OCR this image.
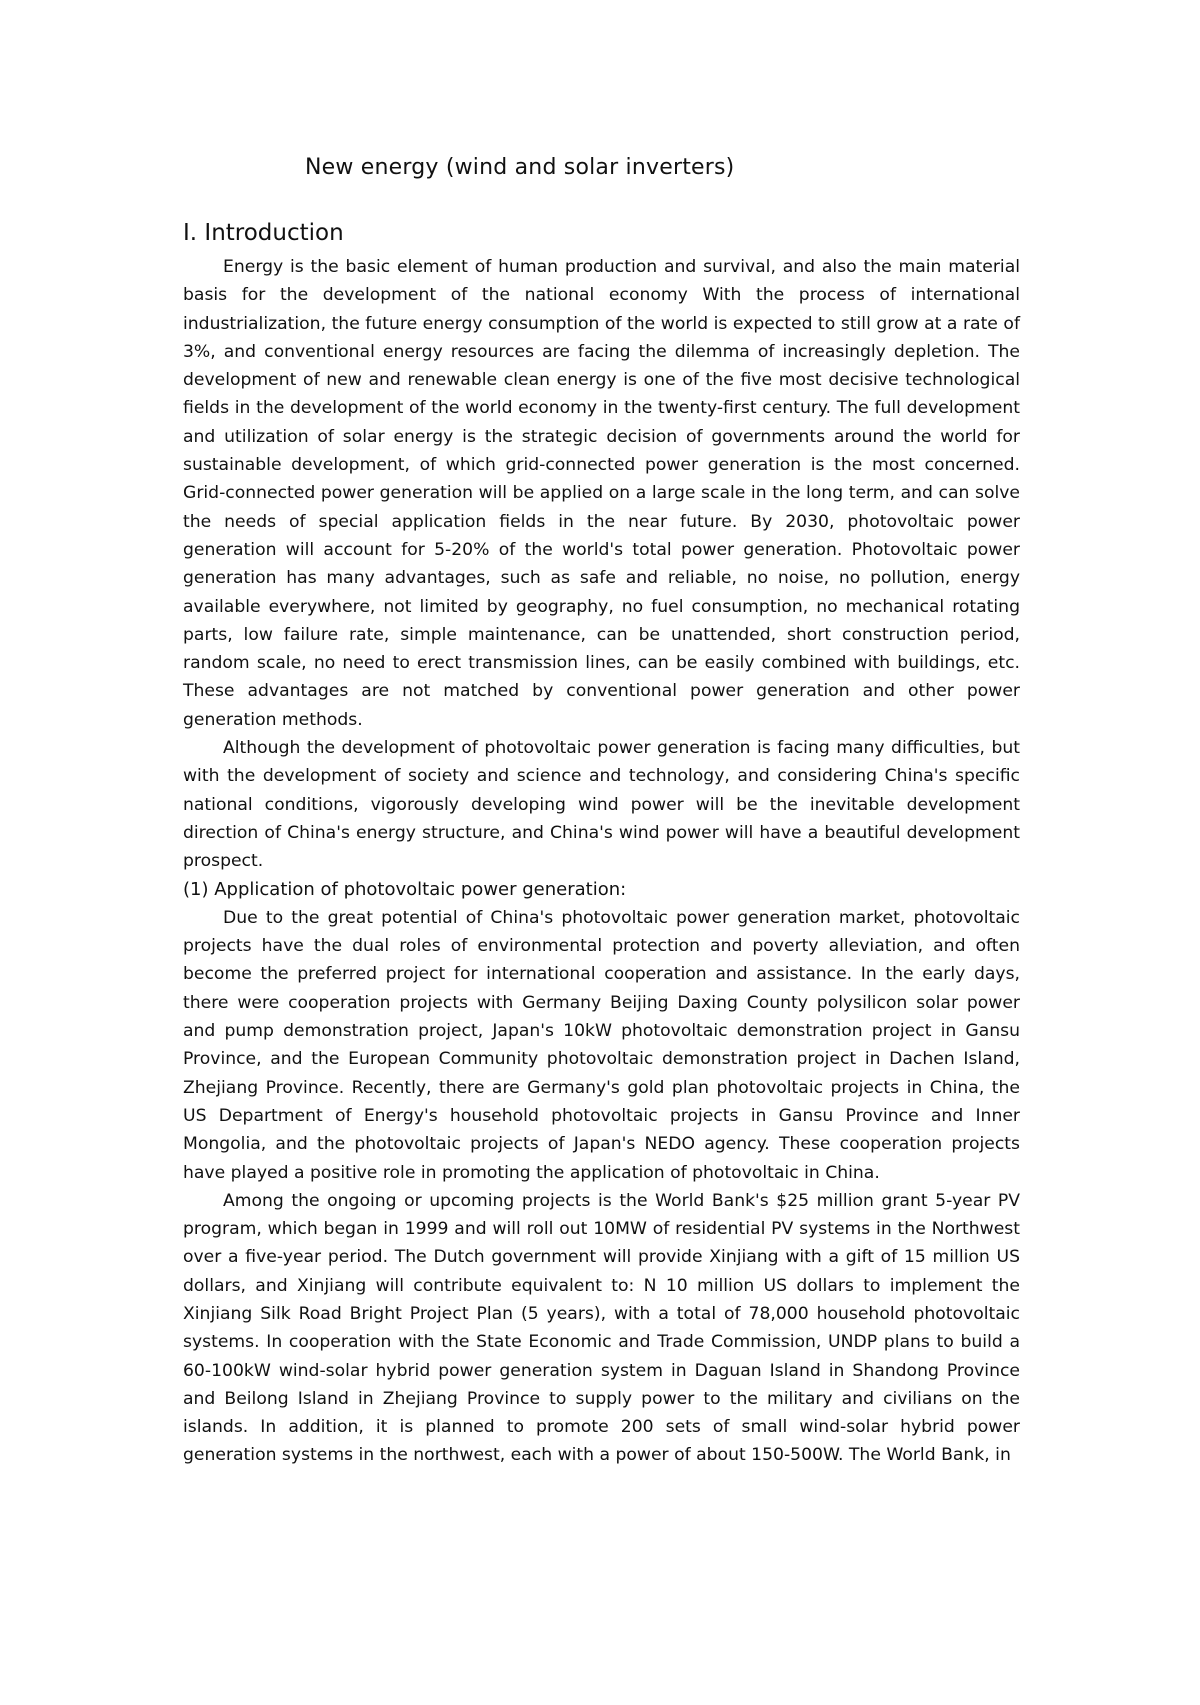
New energy (wind and solar inverters)
I. Introduction

Energy is the basic element of human production and survival, and also the main material basis for the development of the national economy With the process of international industrialization, the future energy consumption of the world is expected to still grow at a rate of 3%, and conventional energy resources are facing the dilemma of increasingly depletion. The development of new and renewable clean energy is one of the five most decisive technological fields in the development of the world economy in the twenty-first century. The full development and utilization of solar energy is the strategic decision of governments around the world for sustainable development, of which grid-connected power generation is the most concerned. Grid-connected power generation will be applied on a large scale in the long term, and can solve the needs of special application fields in the near future. By 2030, photovoltaic power generation will account for 5-20% of the world's total power generation. Photovoltaic power generation has many advantages, such as safe and reliable, no noise, no pollution, energy available everywhere, not limited by geography, no fuel consumption, no mechanical rotating parts, low failure rate, simple maintenance, can be unattended, short construction period, random scale, no need to erect transmission lines, can be easily combined with buildings, etc. These advantages are not matched by conventional power generation and other power generation methods.

Although the development of photovoltaic power generation is facing many difficulties, but with the development of society and science and technology, and considering China's specific national conditions, vigorously developing wind power will be the inevitable development direction of China's energy structure, and China's wind power will have a beautiful development prospect.

(1) Application of photovoltaic power generation:

Due to the great potential of China's photovoltaic power generation market, photovoltaic projects have the dual roles of environmental protection and poverty alleviation, and often become the preferred project for international cooperation and assistance. In the early days, there were cooperation projects with Germany Beijing Daxing County polysilicon solar power and pump demonstration project, Japan's 10kW photovoltaic demonstration project in Gansu Province, and the European Community photovoltaic demonstration project in Dachen Island, Zhejiang Province. Recently, there are Germany's gold plan photovoltaic projects in China, the US Department of Energy's household photovoltaic projects in Gansu Province and Inner Mongolia, and the photovoltaic projects of Japan's NEDO agency. These cooperation projects have played a positive role in promoting the application of photovoltaic in China.

Among the ongoing or upcoming projects is the World Bank's $25 million grant 5-year PV program, which began in 1999 and will roll out 10MW of residential PV systems in the Northwest over a five-year period. The Dutch government will provide Xinjiang with a gift of 15 million US dollars, and Xinjiang will contribute equivalent to: N 10 million US dollars to implement the Xinjiang Silk Road Bright Project Plan (5 years), with a total of 78,000 household photovoltaic systems. In cooperation with the State Economic and Trade Commission, UNDP plans to build a 60-100kW wind-solar hybrid power generation system in Daguan Island in Shandong Province and Beilong Island in Zhejiang Province to supply power to the military and civilians on the islands. In addition, it is planned to promote 200 sets of small wind-solar hybrid power generation systems in the northwest, each with a power of about 150-500W. The World Bank, in
